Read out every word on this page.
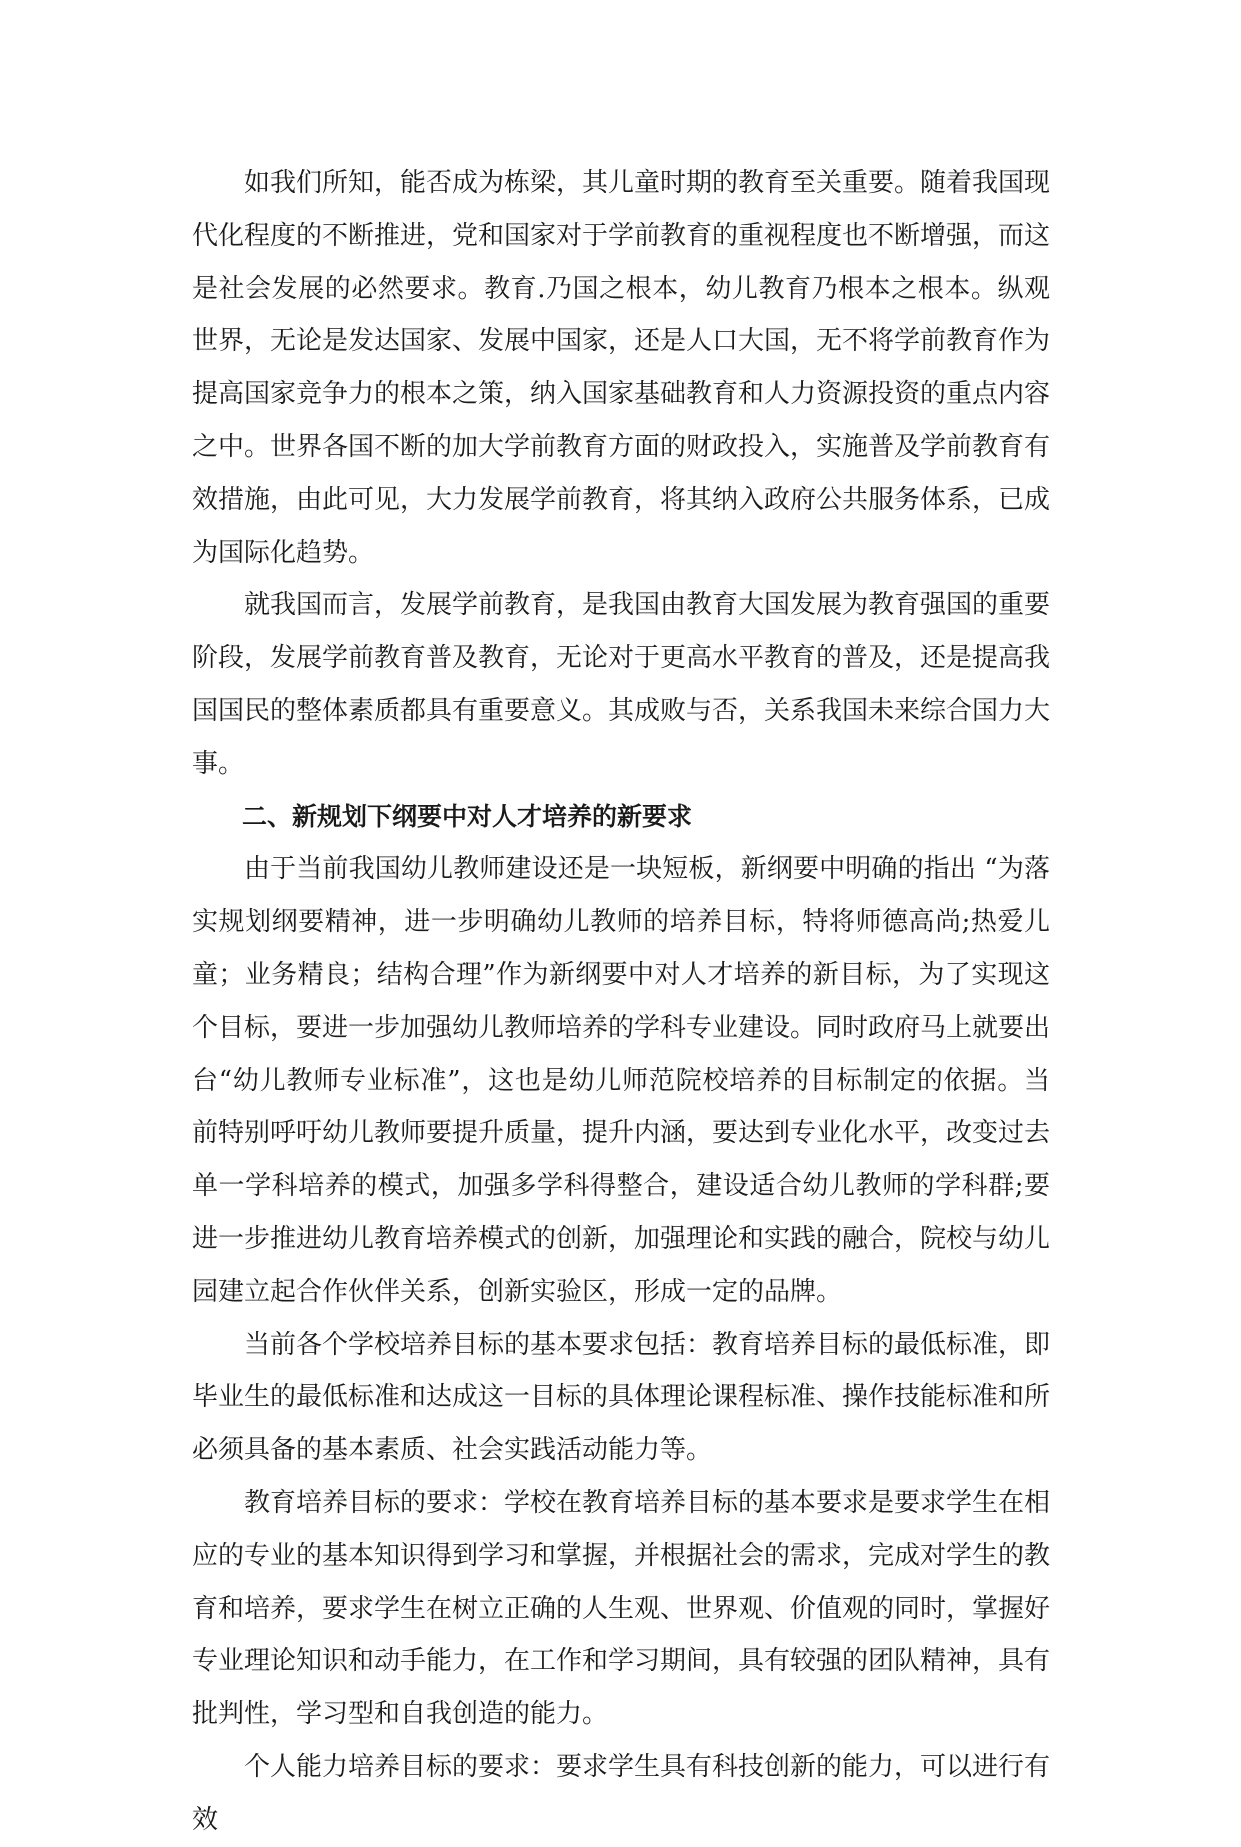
如我们所知，能否成为栋梁，其儿童时期的教育至关重要。随着我国现代化程度的不断推进，党和国家对于学前教育的重视程度也不断增强，而这是社会发展的必然要求。教育.乃国之根本，幼儿教育乃根本之根本。纵观世界，无论是发达国家、发展中国家，还是人口大国，无不将学前教育作为提高国家竞争力的根本之策，纳入国家基础教育和人力资源投资的重点内容之中。世界各国不断的加大学前教育方面的财政投入，实施普及学前教育有效措施，由此可见，大力发展学前教育，将其纳入政府公共服务体系，已成为国际化趋势。

就我国而言，发展学前教育，是我国由教育大国发展为教育强国的重要阶段，发展学前教育普及教育，无论对于更高水平教育的普及，还是提高我国国民的整体素质都具有重要意义。其成败与否，关系我国未来综合国力大事。

二、新规划下纲要中对人才培养的新要求

由于当前我国幼儿教师建设还是一块短板，新纲要中明确的指出 “为落实规划纲要精神，进一步明确幼儿教师的培养目标，特将师德高尚;热爱儿童；业务精良；结构合理”作为新纲要中对人才培养的新目标，为了实现这个目标，要进一步加强幼儿教师培养的学科专业建设。同时政府马上就要出台“幼儿教师专业标准”，这也是幼儿师范院校培养的目标制定的依据。当前特别呼吁幼儿教师要提升质量，提升内涵，要达到专业化水平，改变过去单一学科培养的模式，加强多学科得整合，建设适合幼儿教师的学科群;要进一步推进幼儿教育培养模式的创新，加强理论和实践的融合，院校与幼儿园建立起合作伙伴关系，创新实验区，形成一定的品牌。

当前各个学校培养目标的基本要求包括：教育培养目标的最低标准，即毕业生的最低标准和达成这一目标的具体理论课程标准、操作技能标准和所必须具备的基本素质、社会实践活动能力等。

教育培养目标的要求：学校在教育培养目标的基本要求是要求学生在相应的专业的基本知识得到学习和掌握，并根据社会的需求，完成对学生的教育和培养，要求学生在树立正确的人生观、世界观、价值观的同时，掌握好专业理论知识和动手能力，在工作和学习期间，具有较强的团队精神，具有批判性，学习型和自我创造的能力。

个人能力培养目标的要求：要求学生具有科技创新的能力，可以进行有效
